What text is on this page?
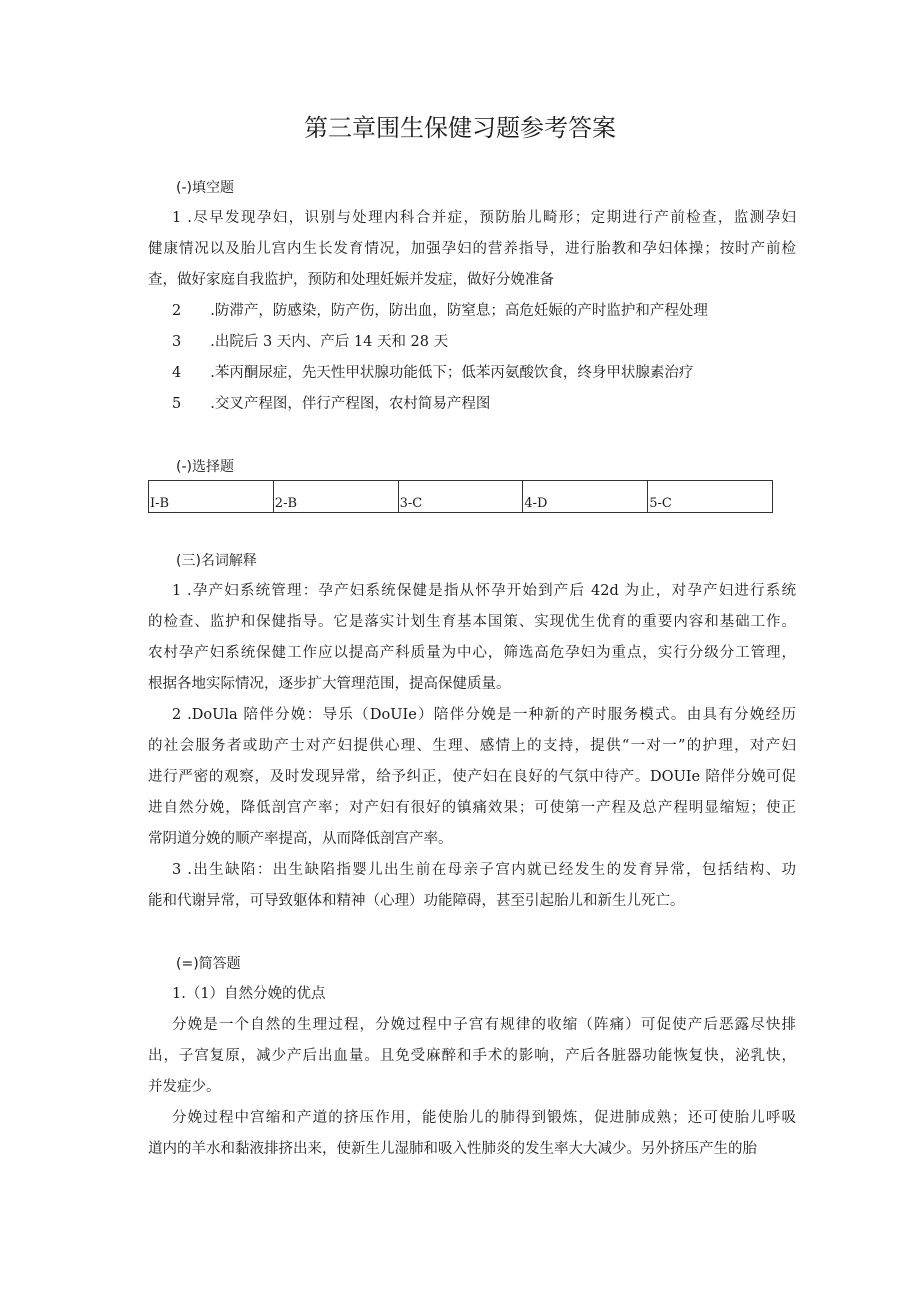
第三章围生保健习题参考答案
(-)填空题
1 .尽早发现孕妇，识别与处理内科合并症，预防胎儿畸形；定期进行产前检查，监测孕妇
健康情况以及胎儿宫内生长发育情况，加强孕妇的营养指导，进行胎教和孕妇体操；按时产前检
查，做好家庭自我监护，预防和处理妊娠并发症，做好分娩准备
2　　.防滞产，防感染，防产伤，防出血，防窒息；高危妊娠的产时监护和产程处理
3　　.出院后 3 天内、产后 14 天和 28 天
4　　.苯丙酮尿症，先天性甲状腺功能低下；低苯丙氨酸饮食，终身甲状腺素治疗
5　　.交叉产程图，伴行产程图，农村简易产程图
(-)选择题
I-B	2-B	3-C	4-D	5-C
(三)名词解释
1 .孕产妇系统管理：孕产妇系统保健是指从怀孕开始到产后 42d 为止，对孕产妇进行系统
的检查、监护和保健指导。它是落实计划生育基本国策、实现优生优育的重要内容和基础工作。
农村孕产妇系统保健工作应以提高产科质量为中心，筛选高危孕妇为重点，实行分级分工管理，
根据各地实际情况，逐步扩大管理范围，提高保健质量。
2 .DoUla 陪伴分娩：导乐（DoUIe）陪伴分娩是一种新的产时服务模式。由具有分娩经历
的社会服务者或助产士对产妇提供心理、生理、感情上的支持，提供“一对一”的护理，对产妇
进行严密的观察，及时发现异常，给予纠正，使产妇在良好的气氛中待产。DOUIe 陪伴分娩可促
进自然分娩，降低剖宫产率；对产妇有很好的镇痛效果；可使第一产程及总产程明显缩短；使正
常阴道分娩的顺产率提高，从而降低剖宫产率。
3 .出生缺陷：出生缺陷指婴儿出生前在母亲子宫内就已经发生的发育异常，包括结构、功
能和代谢异常，可导致躯体和精神（心理）功能障碍，甚至引起胎儿和新生儿死亡。
(=)简答题
1.（1）自然分娩的优点
分娩是一个自然的生理过程，分娩过程中子宫有规律的收缩（阵痛）可促使产后恶露尽快排
出，子宫复原，减少产后出血量。且免受麻醉和手术的影响，产后各脏器功能恢复快，泌乳快，
并发症少。
分娩过程中宫缩和产道的挤压作用，能使胎儿的肺得到锻炼，促进肺成熟；还可使胎儿呼吸
道内的羊水和黏液排挤出来，使新生儿湿肺和吸入性肺炎的发生率大大减少。另外挤压产生的胎
